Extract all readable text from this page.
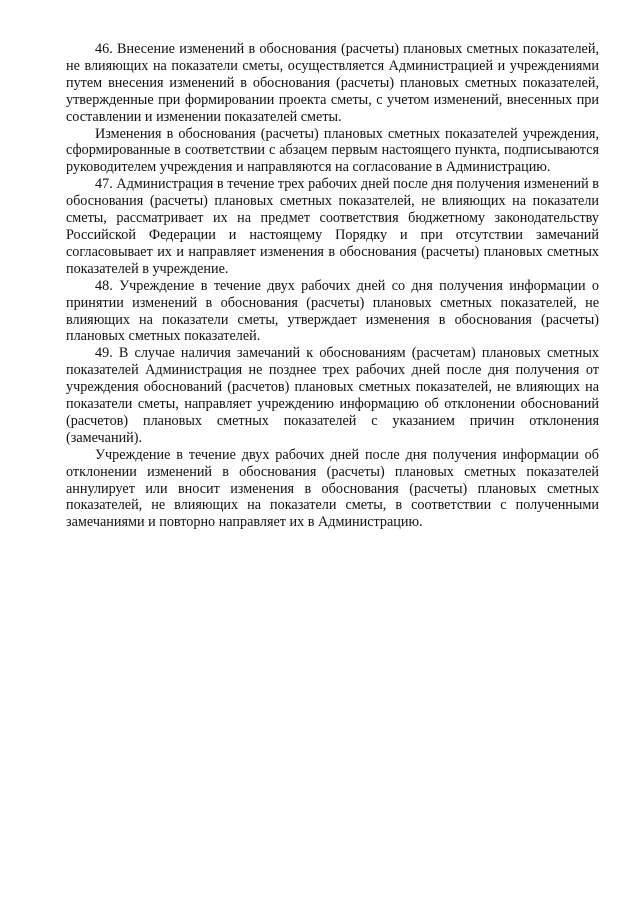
46. Внесение изменений в обоснования (расчеты) плановых сметных показателей, не влияющих на показатели сметы, осуществляется Администрацией и учреждениями путем внесения изменений в обоснования (расчеты) плановых сметных показателей, утвержденные при формировании проекта сметы, с учетом изменений, внесенных при составлении и изменении показателей сметы.

Изменения в обоснования (расчеты) плановых сметных показателей учреждения, сформированные в соответствии с абзацем первым настоящего пункта, подписываются руководителем учреждения и направляются на согласование в Администрацию.

47. Администрация в течение трех рабочих дней после дня получения изменений в обоснования (расчеты) плановых сметных показателей, не влияющих на показатели сметы, рассматривает их на предмет соответствия бюджетному законодательству Российской Федерации и настоящему Порядку и при отсутствии замечаний согласовывает их и направляет изменения в обоснования (расчеты) плановых сметных показателей в учреждение.

48. Учреждение в течение двух рабочих дней со дня получения информации о принятии изменений в обоснования (расчеты) плановых сметных показателей, не влияющих на показатели сметы, утверждает изменения в обоснования (расчеты) плановых сметных показателей.

49. В случае наличия замечаний к обоснованиям (расчетам) плановых сметных показателей Администрация не позднее трех рабочих дней после дня получения от учреждения обоснований (расчетов) плановых сметных показателей, не влияющих на показатели сметы, направляет учреждению информацию об отклонении обоснований (расчетов) плановых сметных показателей с указанием причин отклонения (замечаний).

Учреждение в течение двух рабочих дней после дня получения информации об отклонении изменений в обоснования (расчеты) плановых сметных показателей аннулирует или вносит изменения в обоснования (расчеты) плановых сметных показателей, не влияющих на показатели сметы, в соответствии с полученными замечаниями и повторно направляет их в Администрацию.
